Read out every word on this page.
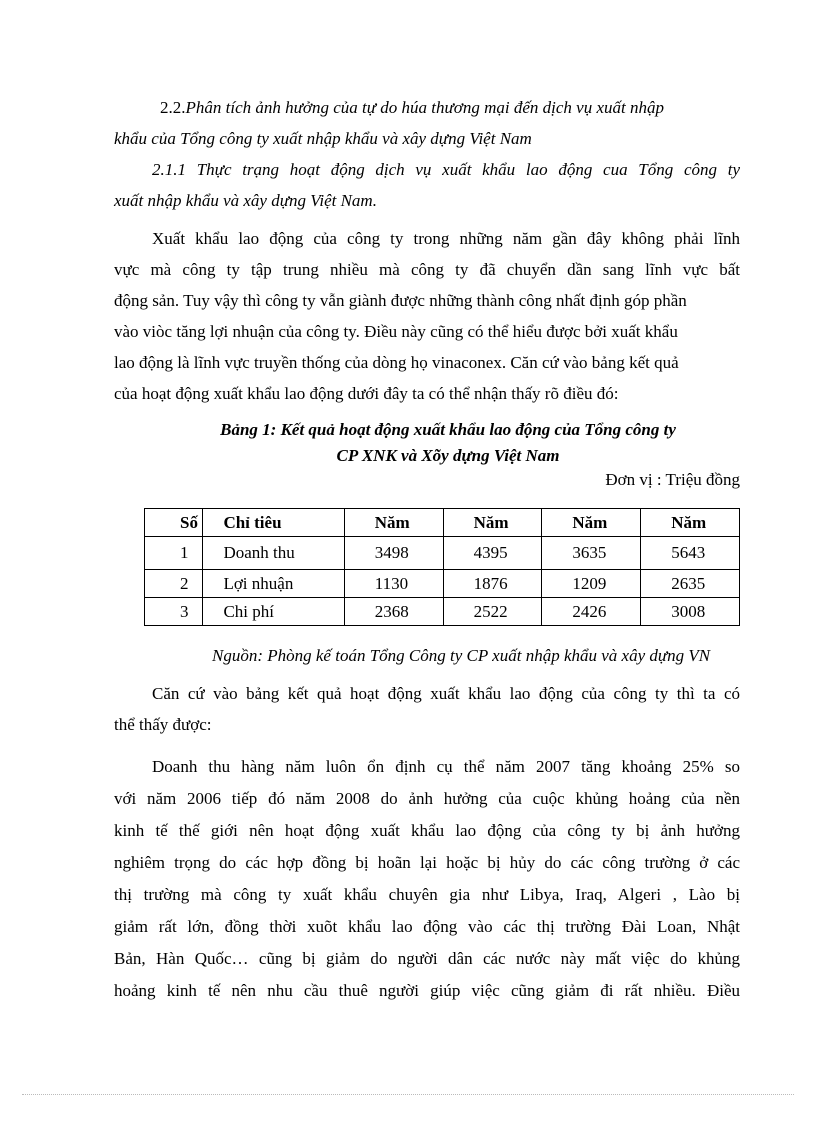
2.2.Phân tích ảnh hưởng của tự do húa thương mại đến dịch vụ xuất nhập
khẩu của Tổng công ty xuất nhập khẩu và xây dựng Việt Nam
2.1.1 Thực trạng hoạt động dịch vụ xuất khẩu lao động cua Tổng công ty
xuất nhập khẩu và xây dựng Việt Nam.
Xuất khẩu lao động của công ty trong những năm gần đây không phải lĩnh
vực mà công ty tập trung nhiều mà công ty đã chuyển dần sang lĩnh vực bất
động sản. Tuy vậy thì công ty vẫn giành được những thành công nhất định góp phần
vào viòc tăng lợi nhuận của công ty. Điều này cũng có thể hiểu được bởi xuất khẩu
lao động là lĩnh vực truyền thống của dòng họ vinaconex. Căn cứ vào bảng kết quả
của hoạt động xuất khẩu lao động dưới đây ta có thể nhận thấy rõ điều đó:
Bảng 1: Kết quả hoạt động xuất khẩu lao động của Tổng công ty
CP XNK và Xõy dựng Việt Nam
Đơn vị : Triệu đồng
Số	Chỉ tiêu	Năm	Năm	Năm	Năm
1	Doanh thu	3498	4395	3635	5643
2	Lợi nhuận	1130	1876	1209	2635
3	Chi phí	2368	2522	2426	3008
Nguồn: Phòng kế toán Tổng Công ty CP xuất nhập khẩu và xây dựng VN
Căn cứ vào bảng kết quả hoạt động xuất khẩu lao động của công ty thì ta có
thể thấy được:
Doanh thu hàng năm luôn ổn định cụ thể năm 2007 tăng khoảng 25% so
với năm 2006 tiếp đó năm 2008 do ảnh hưởng của cuộc khủng hoảng của nền
kinh tế thế giới nên hoạt động xuất khẩu lao động của công ty bị ảnh hưởng
nghiêm trọng do các hợp đồng bị hoãn lại hoặc bị hủy do các công trường ở các
thị trường mà công ty xuất khẩu chuyên gia như Libya, Iraq, Algeri , Lào bị
giảm rất lớn, đồng thời xuõt khẩu lao động vào các thị trường Đài Loan, Nhật
Bản, Hàn Quốc… cũng bị giảm do người dân các nước này mất việc do khủng
hoảng kinh tế nên nhu cầu thuê người giúp việc cũng giảm đi rất nhiều. Điều
